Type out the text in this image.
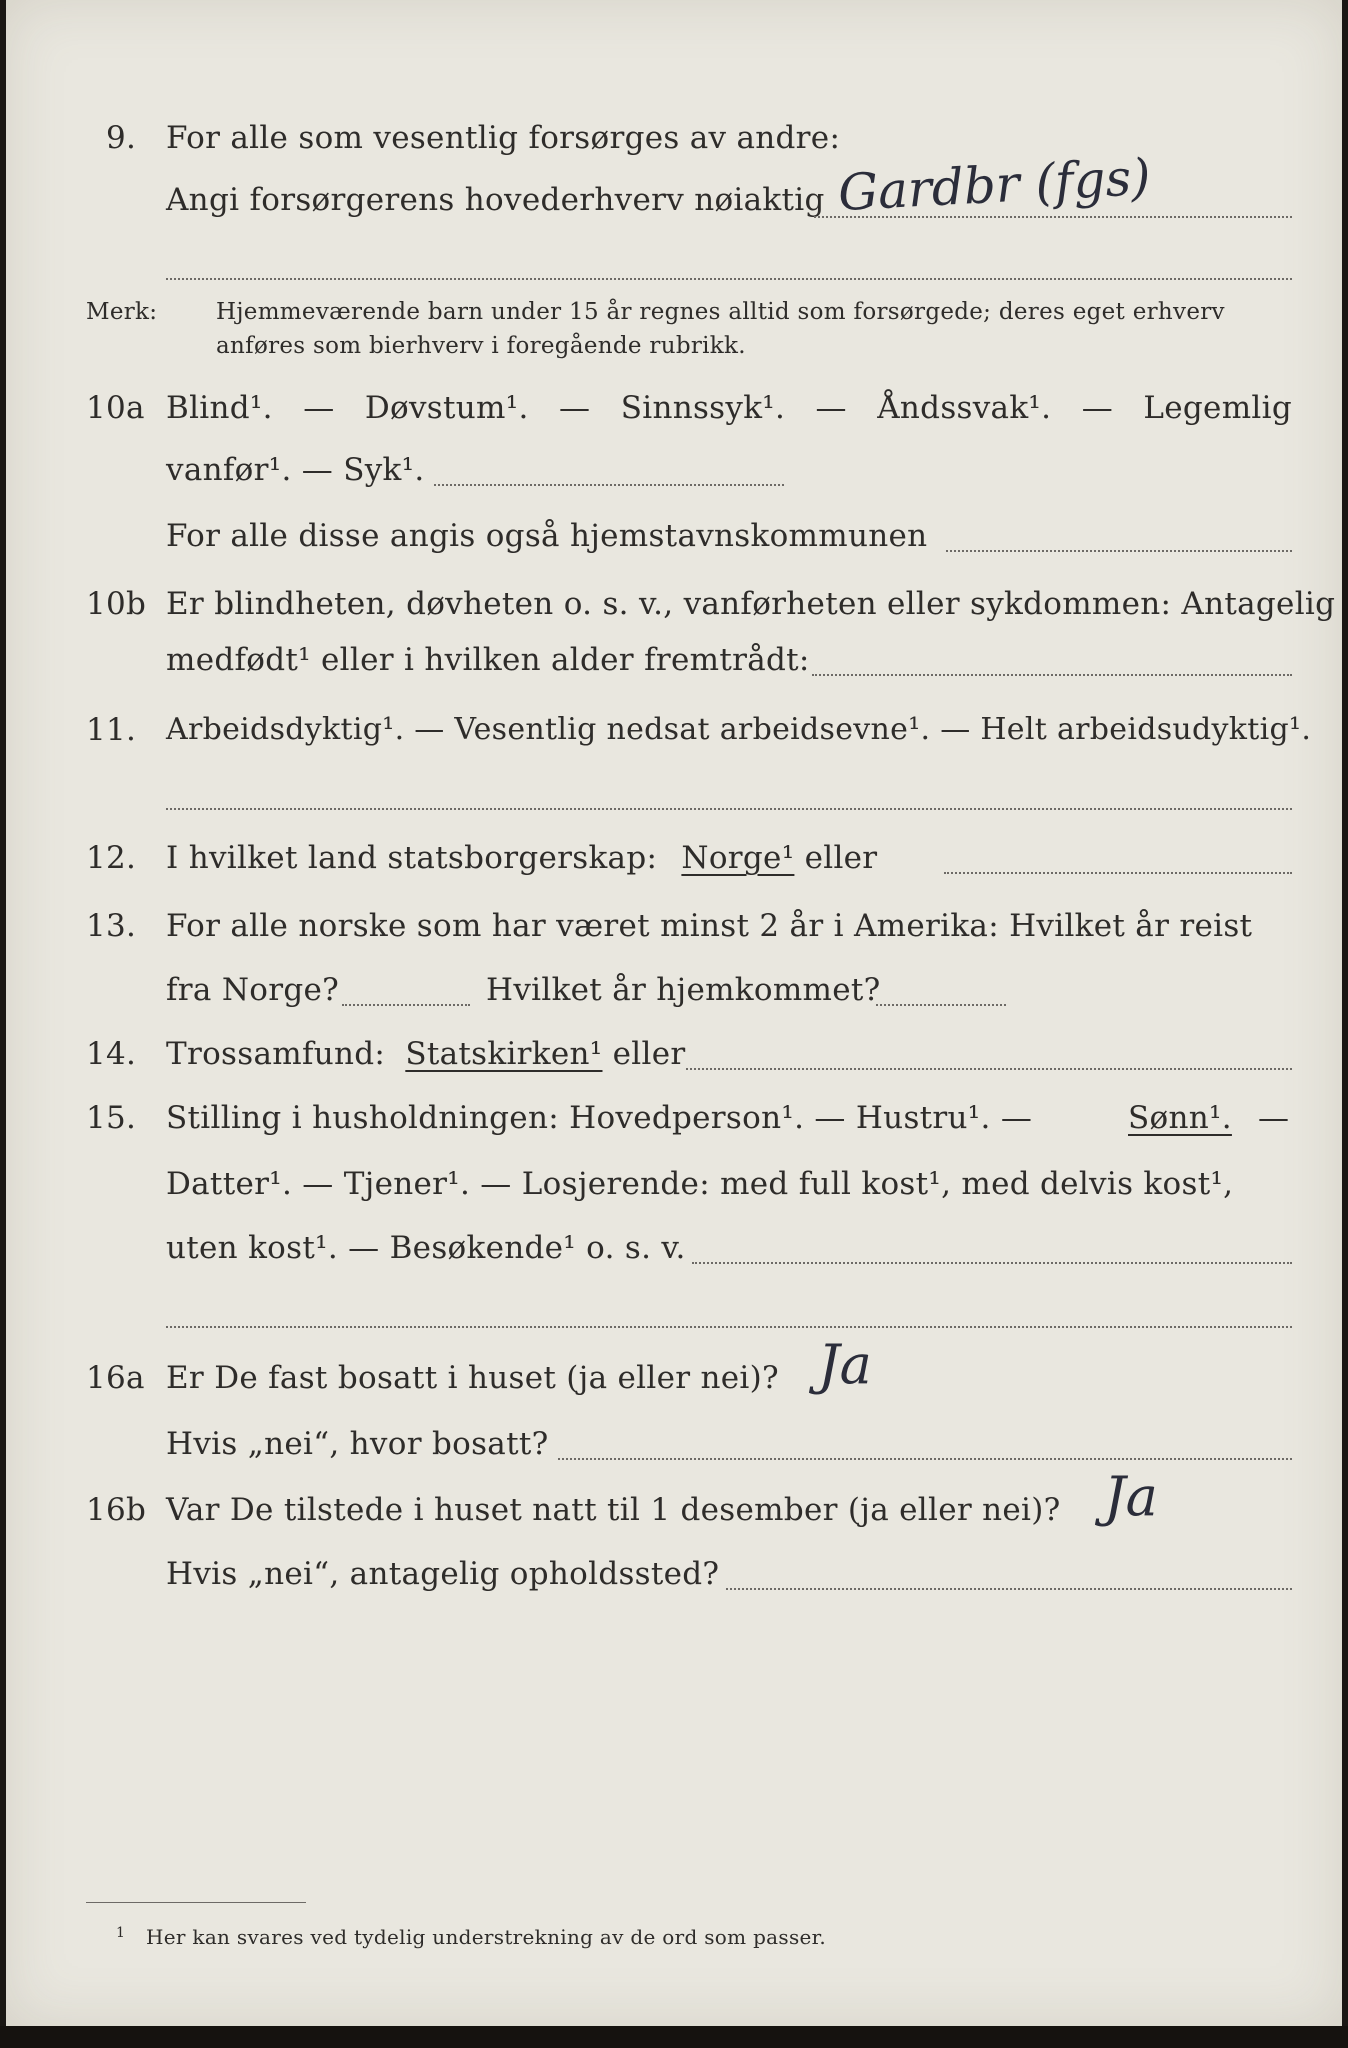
9. For alle som vesentlig forsørges av andre:
Angi forsørgerens hovederhverv nøiaktig Gardbr (fgs)
Merk:	Hjemmeværende barn under 15 år regnes alltid som forsørgede; deres eget erhverv
anføres som bierhverv i foregående rubrikk.
10a Blind¹. — Døvstum¹. — Sinnssyk¹. — Åndssvak¹. — Legemlig
vanfør¹. — Syk¹.
For alle disse angis også hjemstavnskommunen
10b Er blindheten, døvheten o. s. v., vanførheten eller sykdommen: Antagelig
medfødt¹ eller i hvilken alder fremtrådt:
11. Arbeidsdyktig¹. — Vesentlig nedsat arbeidsevne¹. — Helt arbeidsudyktig¹.
12. I hvilket land statsborgerskap: Norge¹ eller
13. For alle norske som har været minst 2 år i Amerika: Hvilket år reist
fra Norge?	Hvilket år hjemkommet?
14. Trossamfund: Statskirken¹ eller
15. Stilling i husholdningen: Hovedperson¹. — Hustru¹. —	Sønn¹. —
Datter¹. — Tjener¹. — Losjerende: med full kost¹, med delvis kost¹,
uten kost¹. — Besøkende¹ o. s. v.
16a Er De fast bosatt i huset (ja eller nei)? Ja
Hvis „nei“, hvor bosatt?
16b Var De tilstede i huset natt til 1 desember (ja eller nei)? Ja
Hvis „nei“, antagelig opholdssted?
1 Her kan svares ved tydelig understrekning av de ord som passer.
